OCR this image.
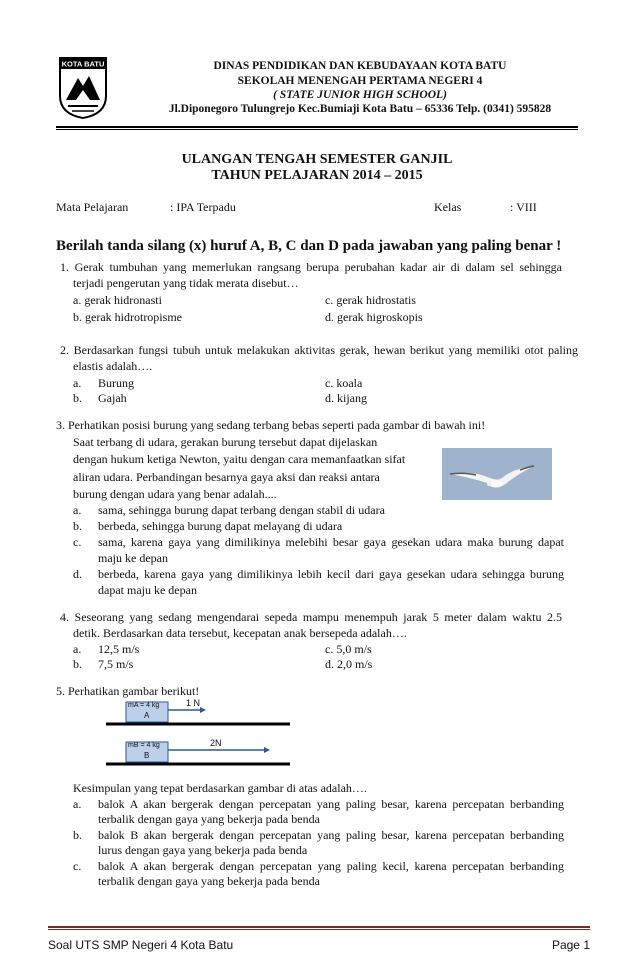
KOTA BATU	DINAS PENDIDIKAN DAN KEBUDAYAAN KOTA BATU
SEKOLAH MENENGAH PERTAMA NEGERI 4
( STATE JUNIOR HIGH SCHOOL)
Jl.Diponegoro Tulungrejo Kec.Bumiaji Kota Batu – 65336 Telp. (0341) 595828
ULANGAN TENGAH SEMESTER GANJIL
TAHUN PELAJARAN 2014 – 2015
Mata Pelajaran	: IPA Terpadu	Kelas	: VIII
Berilah tanda silang (x) huruf A, B, C dan D pada jawaban yang paling benar !
1. Gerak tumbuhan yang memerlukan rangsang berupa perubahan kadar air di dalam sel sehingga
terjadi pengerutan yang tidak merata disebut…
a. gerak hidronasti
b. gerak hidrotropisme
c. gerak hidrostatis
d. gerak higroskopis
2. Berdasarkan fungsi tubuh untuk melakukan aktivitas gerak, hewan berikut yang memiliki otot paling
elastis adalah….
a. Burung
b. Gajah
c. koala
d. kijang
3. Perhatikan posisi burung yang sedang terbang bebas seperti pada gambar di bawah ini!
Saat terbang di udara, gerakan burung tersebut dapat dijelaskan
dengan hukum ketiga Newton, yaitu dengan cara memanfaatkan sifat
aliran udara. Perbandingan besarnya gaya aksi dan reaksi antara
burung dengan udara yang benar adalah....
a. sama, sehingga burung dapat terbang dengan stabil di udara
b. berbeda, sehingga burung dapat melayang di udara
c. sama, karena gaya yang dimilikinya melebihi besar gaya gesekan udara maka burung dapat
maju ke depan
d. berbeda, karena gaya yang dimilikinya lebih kecil dari gaya gesekan udara sehingga burung
dapat maju ke depan
4. Seseorang yang sedang mengendarai sepeda mampu menempuh jarak 5 meter dalam waktu 2.5
detik. Berdasarkan data tersebut, kecepatan anak bersepeda adalah….
a. 12,5 m/s
b. 7,5 m/s
c. 5,0 m/s
d. 2,0 m/s
5. Perhatikan gambar berikut!
mA = 4 kg
A
1 N
mB = 4 kg
B
2N
Kesimpulan yang tepat berdasarkan gambar di atas adalah….
a. balok A akan bergerak dengan percepatan yang paling besar, karena percepatan berbanding
terbalik dengan gaya yang bekerja pada benda
b. balok B akan bergerak dengan percepatan yang paling besar, karena percepatan berbanding
lurus dengan gaya yang bekerja pada benda
c. balok A akan bergerak dengan percepatan yang paling kecil, karena percepatan berbanding
terbalik dengan gaya yang bekerja pada benda
Soal UTS SMP Negeri 4 Kota Batu	Page 1
